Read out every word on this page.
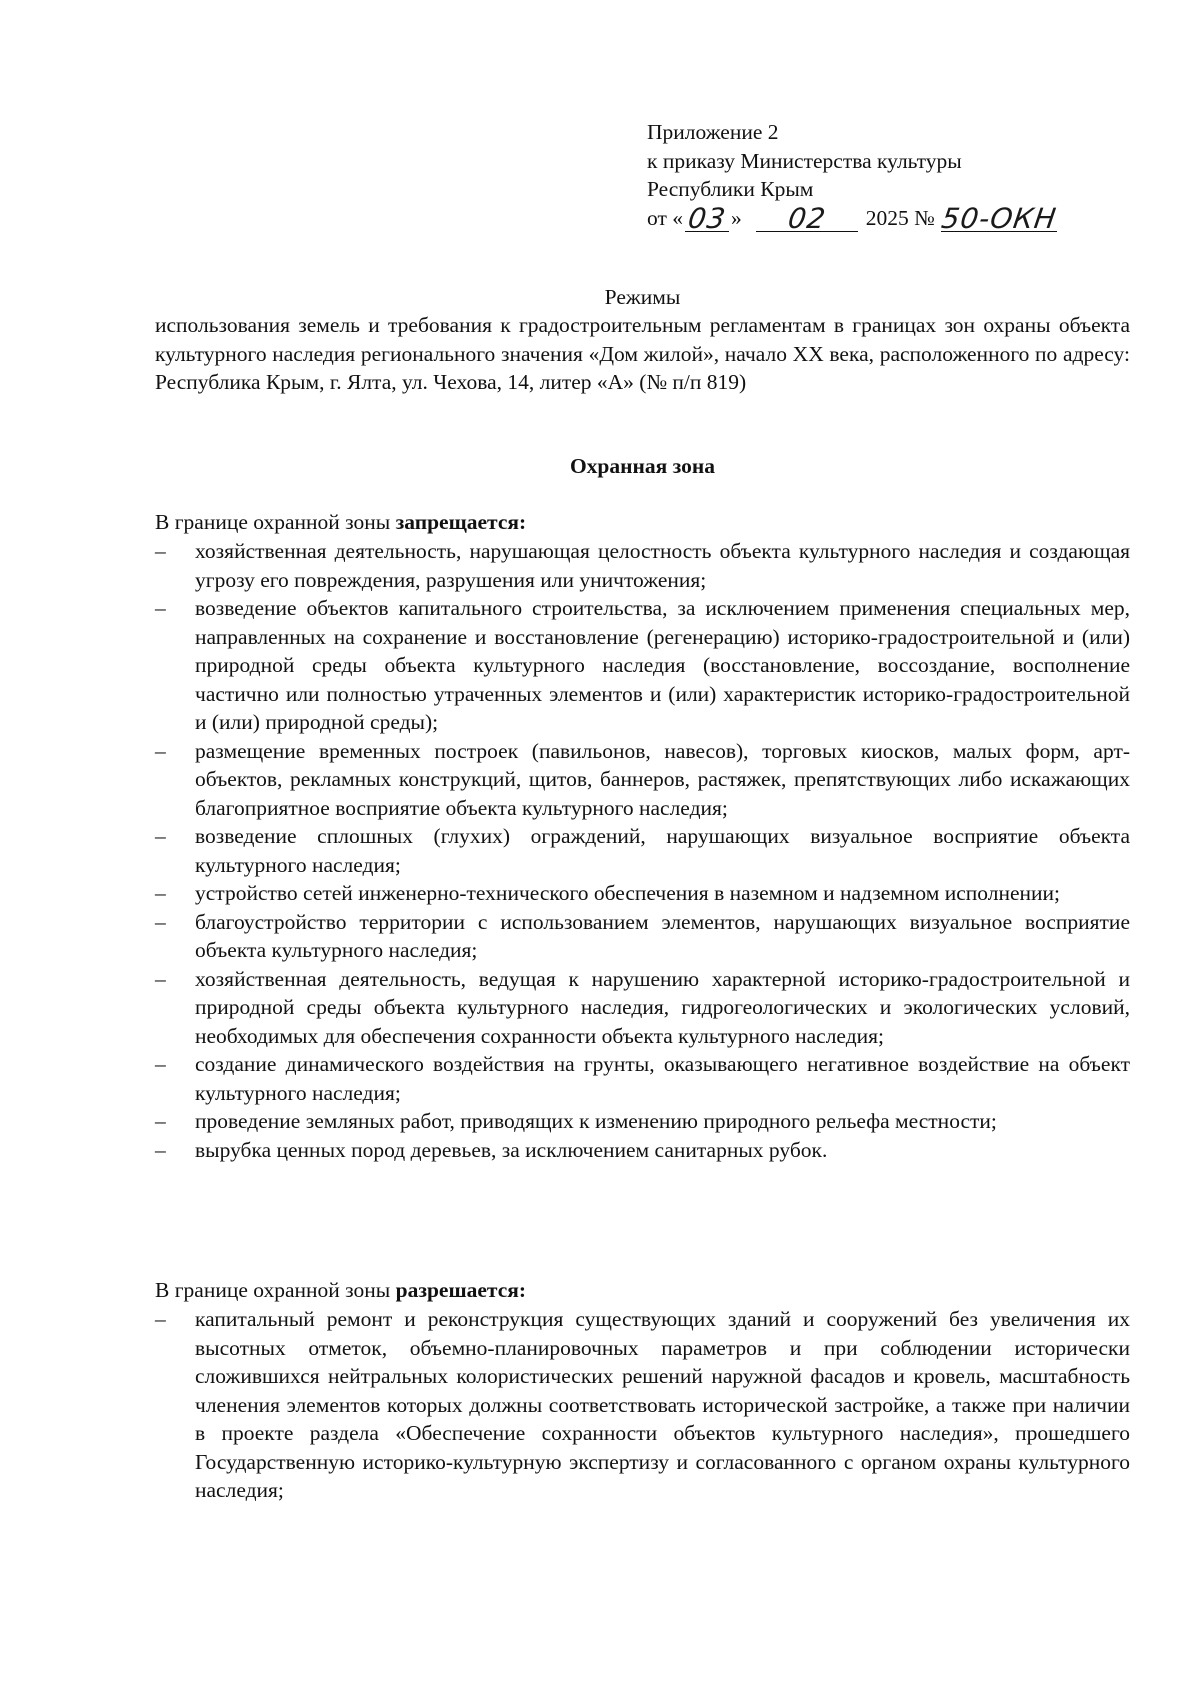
Приложение 2
к приказу Министерства культуры
Республики Крым
от « 03 »	02	2025 № 50-ОКН
Режимы
использования земель и требования к градостроительным регламентам в границах зон охраны объекта культурного наследия регионального значения «Дом жилой», начало XX века, расположенного по адресу: Республика Крым, г. Ялта, ул. Чехова, 14, литер «А» (№ п/п 819)
Охранная зона
В границе охранной зоны запрещается:
– хозяйственная деятельность, нарушающая целостность объекта культурного наследия и создающая угрозу его повреждения, разрушения или уничтожения;
– возведение объектов капитального строительства, за исключением применения специальных мер, направленных на сохранение и восстановление (регенерацию) историко-градостроительной и (или) природной среды объекта культурного наследия (восстановление, воссоздание, восполнение частично или полностью утраченных элементов и (или) характеристик историко-градостроительной и (или) природной среды);
– размещение временных построек (павильонов, навесов), торговых киосков, малых форм, арт-объектов, рекламных конструкций, щитов, баннеров, растяжек, препятствующих либо искажающих благоприятное восприятие объекта культурного наследия;
– возведение сплошных (глухих) ограждений, нарушающих визуальное восприятие объекта культурного наследия;
– устройство сетей инженерно-технического обеспечения в наземном и надземном исполнении;
– благоустройство территории с использованием элементов, нарушающих визуальное восприятие объекта культурного наследия;
– хозяйственная деятельность, ведущая к нарушению характерной историко-градостроительной и природной среды объекта культурного наследия, гидрогеологических и экологических условий, необходимых для обеспечения сохранности объекта культурного наследия;
– создание динамического воздействия на грунты, оказывающего негативное воздействие на объект культурного наследия;
– проведение земляных работ, приводящих к изменению природного рельефа местности;
– вырубка ценных пород деревьев, за исключением санитарных рубок.
В границе охранной зоны разрешается:
– капитальный ремонт и реконструкция существующих зданий и сооружений без увеличения их высотных отметок, объемно-планировочных параметров и при соблюдении исторически сложившихся нейтральных колористических решений наружной фасадов и кровель, масштабность членения элементов которых должны соответствовать исторической застройке, а также при наличии в проекте раздела «Обеспечение сохранности объектов культурного наследия», прошедшего Государственную историко-культурную экспертизу и согласованного с органом охраны культурного наследия;
